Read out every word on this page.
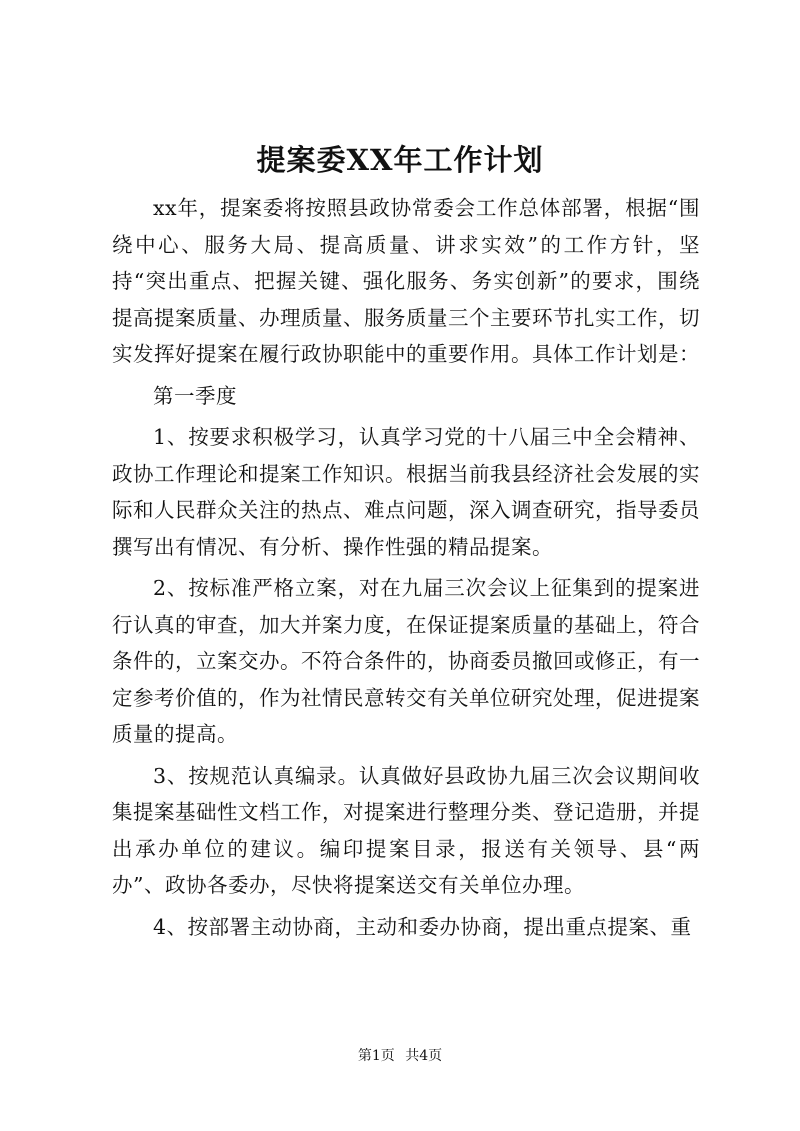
提案委XX年工作计划

xx年，提案委将按照县政协常委会工作总体部署，根据“围绕中心、服务大局、提高质量、讲求实效”的工作方针，坚持“突出重点、把握关键、强化服务、务实创新”的要求，围绕提高提案质量、办理质量、服务质量三个主要环节扎实工作，切实发挥好提案在履行政协职能中的重要作用。具体工作计划是：

第一季度

1、按要求积极学习，认真学习党的十八届三中全会精神、政协工作理论和提案工作知识。根据当前我县经济社会发展的实际和人民群众关注的热点、难点问题，深入调查研究，指导委员撰写出有情况、有分析、操作性强的精品提案。

2、按标准严格立案，对在九届三次会议上征集到的提案进行认真的审查，加大并案力度，在保证提案质量的基础上，符合条件的，立案交办。不符合条件的，协商委员撤回或修正，有一定参考价值的，作为社情民意转交有关单位研究处理，促进提案质量的提高。

3、按规范认真编录。认真做好县政协九届三次会议期间收集提案基础性文档工作，对提案进行整理分类、登记造册，并提出承办单位的建议。编印提案目录，报送有关领导、县“两办”、政协各委办，尽快将提案送交有关单位办理。

4、按部署主动协商，主动和委办协商，提出重点提案、重

第1页 共4页
